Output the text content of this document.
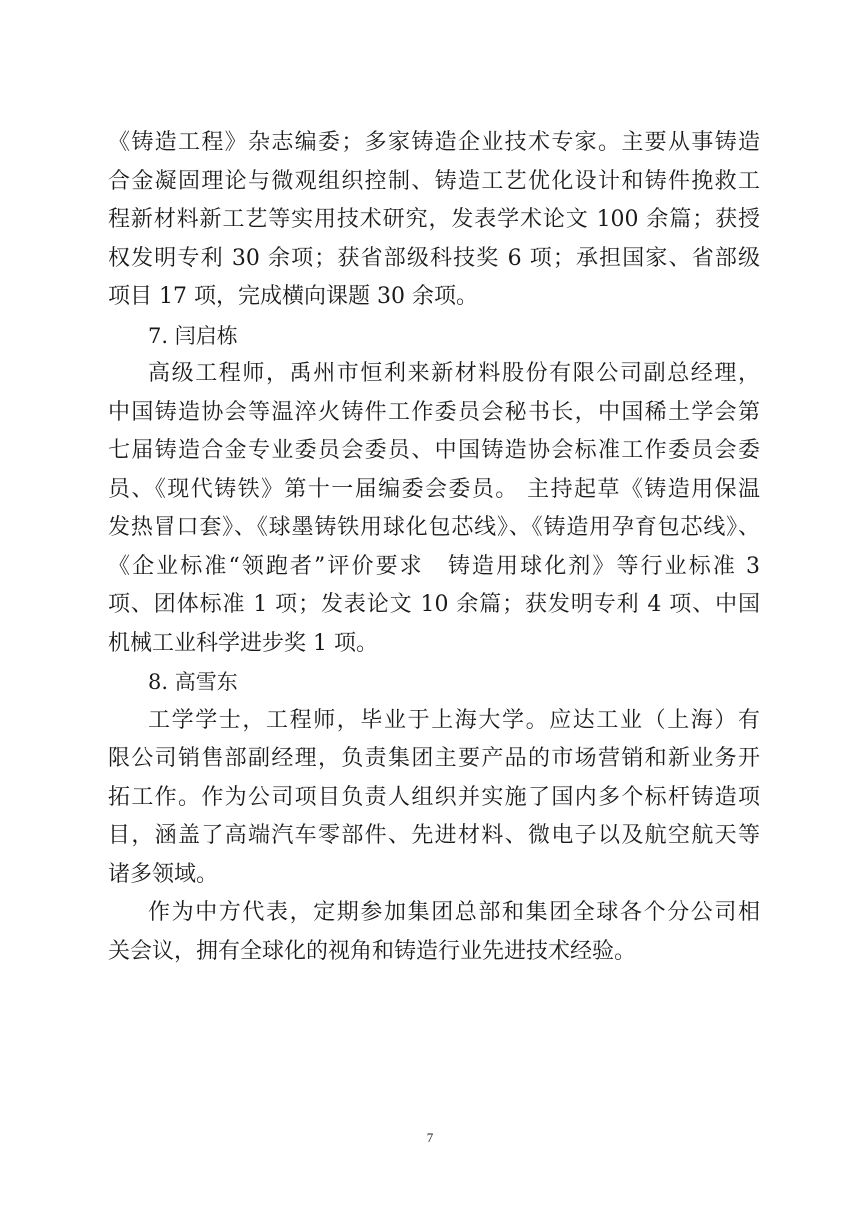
《铸造工程》杂志编委；多家铸造企业技术专家。主要从事铸造
合金凝固理论与微观组织控制、铸造工艺优化设计和铸件挽救工
程新材料新工艺等实用技术研究，发表学术论文 100 余篇；获授
权发明专利 30 余项；获省部级科技奖 6 项；承担国家、省部级
项目 17 项，完成横向课题 30 余项。
7. 闫启栋
高级工程师，禹州市恒利来新材料股份有限公司副总经理，
中国铸造协会等温淬火铸件工作委员会秘书长，中国稀土学会第
七届铸造合金专业委员会委员、中国铸造协会标准工作委员会委
员、《现代铸铁》第十一届编委会委员。 主持起草《铸造用保温
发热冒口套》、《球墨铸铁用球化包芯线》、《铸造用孕育包芯线》、
《企业标准“领跑者”评价要求　铸造用球化剂》等行业标准 3
项、团体标准 1 项；发表论文 10 余篇；获发明专利 4 项、中国
机械工业科学进步奖 1 项。
8. 高雪东
工学学士，工程师，毕业于上海大学。应达工业（上海）有
限公司销售部副经理，负责集团主要产品的市场营销和新业务开
拓工作。作为公司项目负责人组织并实施了国内多个标杆铸造项
目，涵盖了高端汽车零部件、先进材料、微电子以及航空航天等
诸多领域。
作为中方代表，定期参加集团总部和集团全球各个分公司相
关会议，拥有全球化的视角和铸造行业先进技术经验。
7
